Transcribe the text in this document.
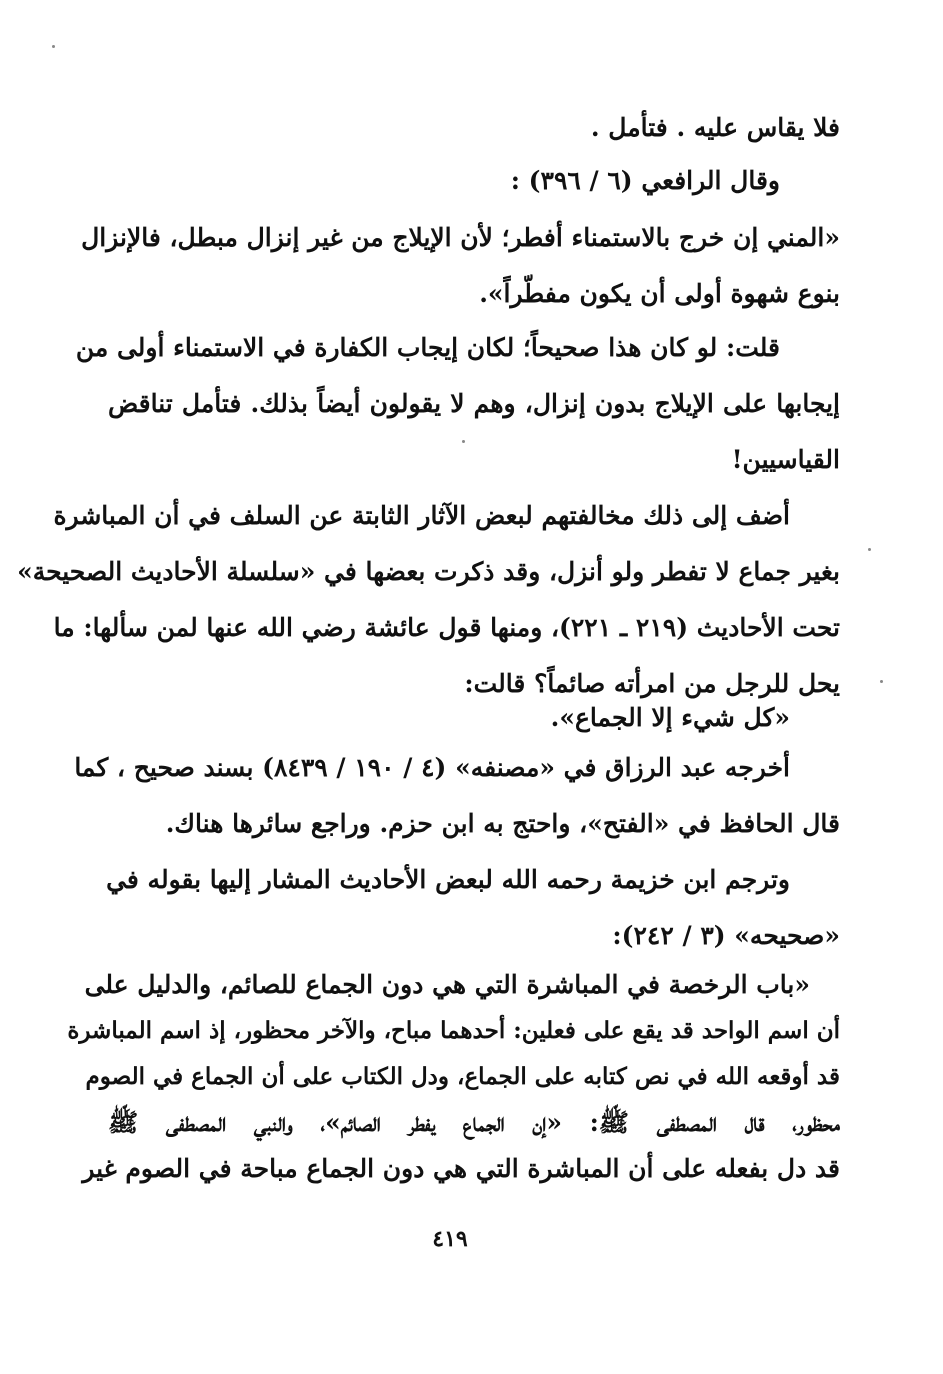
فلا يقاس عليه . فتأمل .
وقال الرافعي (٦ / ٣٩٦) :
«المني إن خرج بالاستمناء أفطر؛ لأن الإيلاج من غير إنزال مبطل، فالإنزال
بنوع شهوة أولى أن يكون مفطّراً».
قلت: لو كان هذا صحيحاً؛ لكان إيجاب الكفارة في الاستمناء أولى من
إيجابها على الإيلاج بدون إنزال، وهم لا يقولون أيضاً بذلك. فتأمل تناقض
القياسيين!
أضف إلى ذلك مخالفتهم لبعض الآثار الثابتة عن السلف في أن المباشرة
بغير جماع لا تفطر ولو أنزل، وقد ذكرت بعضها في «سلسلة الأحاديث الصحيحة»
تحت الأحاديث (٢١٩ ـ ٢٢١)، ومنها قول عائشة رضي الله عنها لمن سألها: ما
يحل للرجل من امرأته صائماً؟ قالت:
«كل شيء إلا الجماع».
أخرجه عبد الرزاق في «مصنفه» (٤ / ١٩٠ / ٨٤٣٩) بسند صحيح ، كما
قال الحافظ في «الفتح»، واحتج به ابن حزم. وراجع سائرها هناك.
وترجم ابن خزيمة رحمه الله لبعض الأحاديث المشار إليها بقوله في
«صحيحه» (٣ / ٢٤٢):
«باب الرخصة في المباشرة التي هي دون الجماع للصائم، والدليل على
أن اسم الواحد قد يقع على فعلين: أحدهما مباح، والآخر محظور، إذ اسم المباشرة
قد أوقعه الله في نص كتابه على الجماع، ودل الكتاب على أن الجماع في الصوم
محظور، قال المصطفى ﷺ: «إن الجماع يفطر الصائم»، والنبي المصطفى ﷺ
قد دل بفعله على أن المباشرة التي هي دون الجماع مباحة في الصوم غير
٤١٩
